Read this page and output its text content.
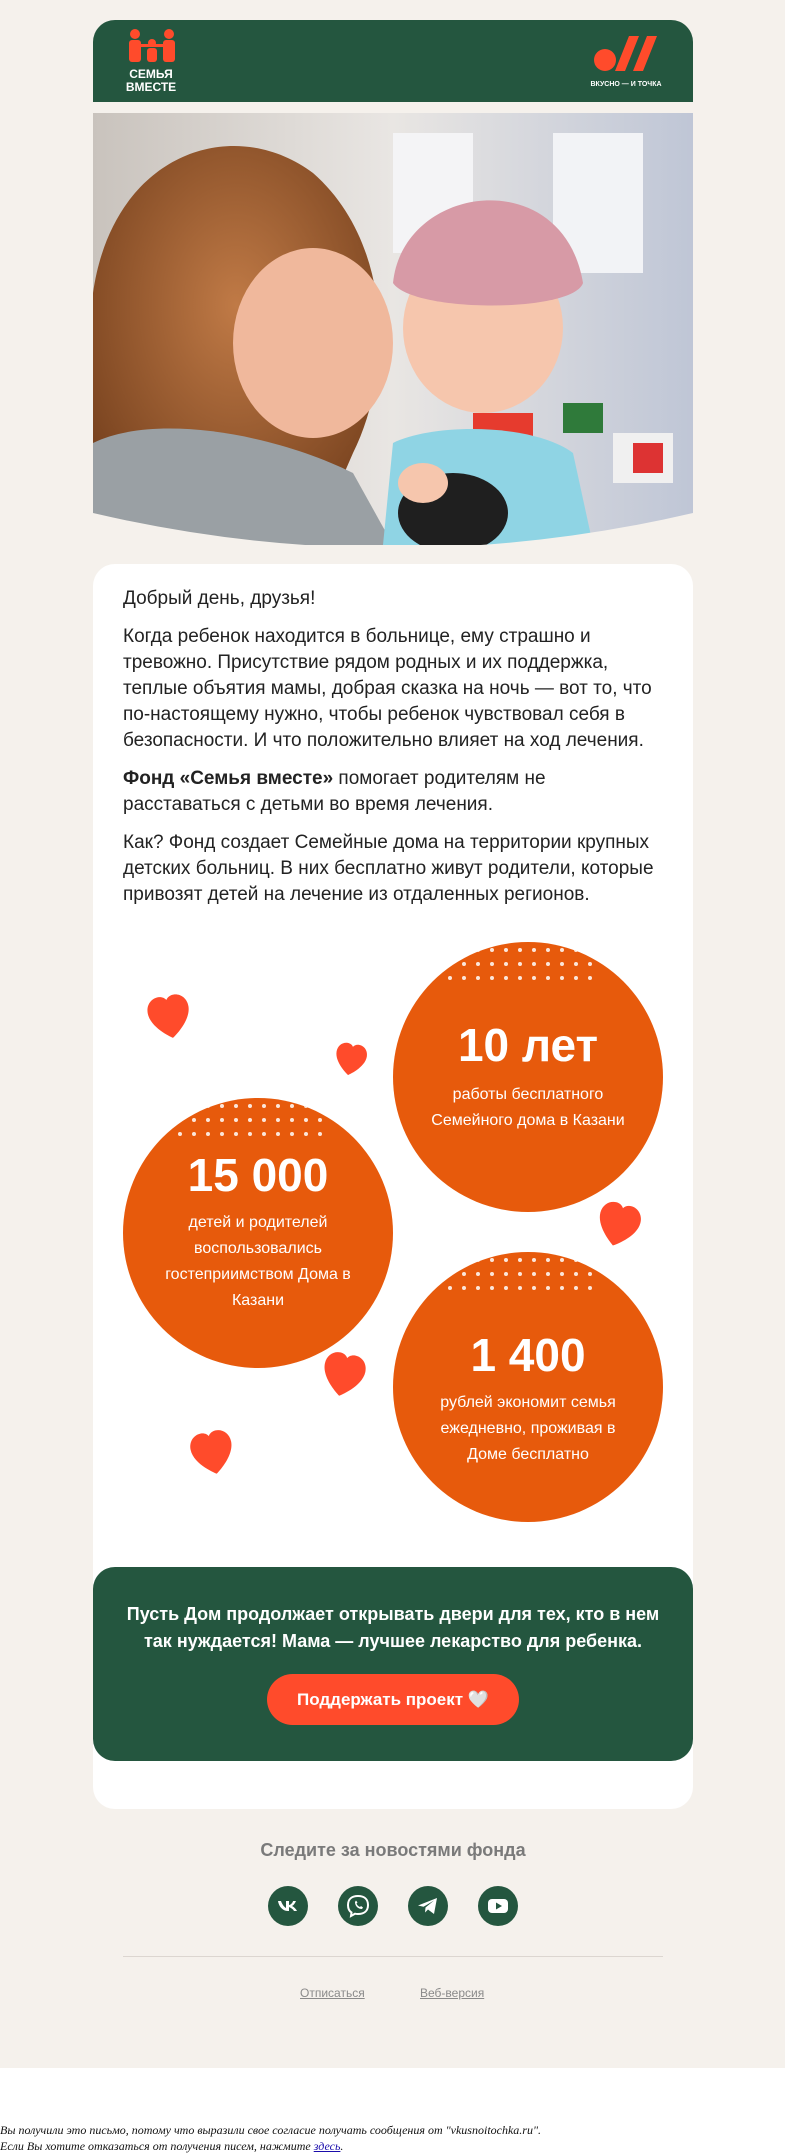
СЕМЬЯ
ВМЕСТЕ	ВКУСНО — И ТОЧКА

Добрый день, друзья!

Когда ребенок находится в больнице, ему страшно и тревожно. Присутствие рядом родных и их поддержка, теплые объятия мамы, добрая сказка на ночь — вот то, что по-настоящему нужно, чтобы ребенок чувствовал себя в безопасности. И что положительно влияет на ход лечения.

Фонд «Семья вместе» помогает родителям не расставаться с детьми во время лечения.

Как? Фонд создает Семейные дома на территории крупных детских больниц. В них бесплатно живут родители, которые привозят детей на лечение из отдаленных регионов.

10 лет
работы бесплатного Семейного дома в Казани
15 000
детей и родителей воспользовались гостеприимством Дома в Казани
1 400
рублей экономит семья ежедневно, проживая в Доме бесплатно
Пусть Дом продолжает открывать двери для тех, кто в нем так нуждается! Мама — лучшее лекарство для ребенка.
Поддержать проект 🤍
Следите за новостями фонда
Отписаться	Веб-версия
Вы получили это письмо, потому что выразили свое согласие получать сообщения от "vkusnoitochka.ru".
Если Вы хотите отказаться от получения писем, нажмите здесь.
